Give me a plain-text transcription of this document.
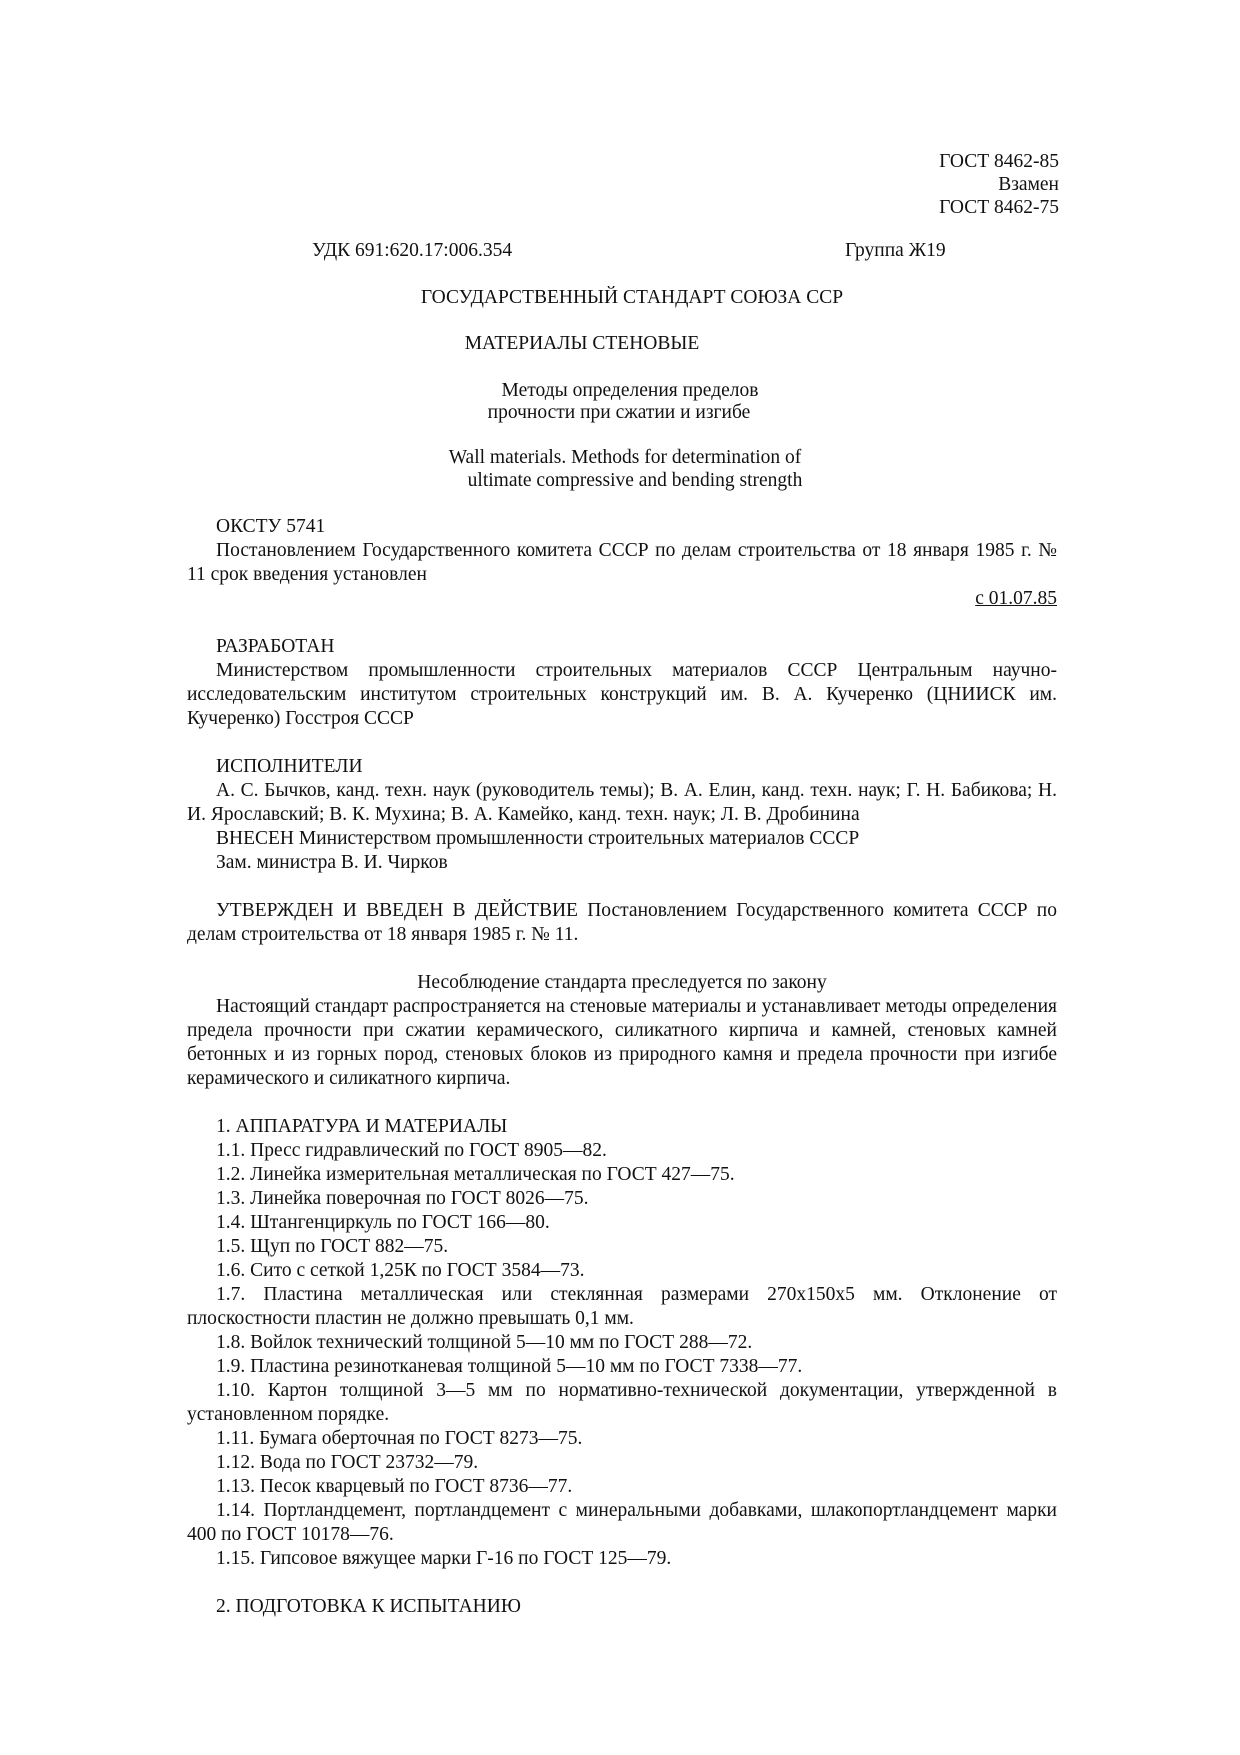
ГОСТ 8462-85
Взамен
ГОСТ 8462-75
УДК 691:620.17:006.354	Группа Ж19
ГОСУДАРСТВЕННЫЙ СТАНДАРТ СОЮЗА ССР
МАТЕРИАЛЫ СТЕНОВЫЕ
Методы определения пределов
прочности при сжатии и изгибе
Wall materials. Methods for determination of
ultimate compressive and bending strength

ОКСТУ 5741

Постановлением Государственного комитета СССР по делам строительства от 18 января 1985 г. № 11 срок введения установлен

с 01.07.85

РАЗРАБОТАН

Министерством промышленности строительных материалов СССР Центральным научно-исследовательским институтом строительных конструкций им. В. А. Кучеренко (ЦНИИСК им. Кучеренко) Госстроя СССР

ИСПОЛНИТЕЛИ

А. С. Бычков, канд. техн. наук (руководитель темы); В. А. Елин, канд. техн. наук; Г. Н. Бабикова; Н. И. Ярославский; В. К. Мухина; В. А. Камейко, канд. техн. наук; Л. В. Дробинина

ВНЕСЕН Министерством промышленности строительных материалов СССР

Зам. министра В. И. Чирков

УТВЕРЖДЕН И ВВЕДЕН В ДЕЙСТВИЕ Постановлением Государственного комитета СССР по делам строительства от 18 января 1985 г. № 11.

Несоблюдение стандарта преследуется по закону

Настоящий стандарт распространяется на стеновые материалы и устанавливает методы определения предела прочности при сжатии керамического, силикатного кирпича и камней, стеновых камней бетонных и из горных пород, стеновых блоков из природного камня и предела прочности при изгибе керамического и силикатного кирпича.

1. АППАРАТУРА И МАТЕРИАЛЫ

1.1. Пресс гидравлический по ГОСТ 8905—82.

1.2. Линейка измерительная металлическая по ГОСТ 427—75.

1.3. Линейка поверочная по ГОСТ 8026—75.

1.4. Штангенциркуль по ГОСТ 166—80.

1.5. Щуп по ГОСТ 882—75.

1.6. Сито с сеткой 1,25К по ГОСТ 3584—73.

1.7. Пластина металлическая или стеклянная размерами 270х150х5 мм. Отклонение от плоскостности пластин не должно превышать 0,1 мм.

1.8. Войлок технический толщиной 5—10 мм по ГОСТ 288—72.

1.9. Пластина резинотканевая толщиной 5—10 мм по ГОСТ 7338—77.

1.10. Картон толщиной 3—5 мм по нормативно-технической документации, утвержденной в установленном порядке.

1.11. Бумага оберточная по ГОСТ 8273—75.

1.12. Вода по ГОСТ 23732—79.

1.13. Песок кварцевый по ГОСТ 8736—77.

1.14. Портландцемент, портландцемент с минеральными добавками, шлакопортландцемент марки 400 по ГОСТ 10178—76.

1.15. Гипсовое вяжущее марки Г-16 по ГОСТ 125—79.

2. ПОДГОТОВКА К ИСПЫТАНИЮ
